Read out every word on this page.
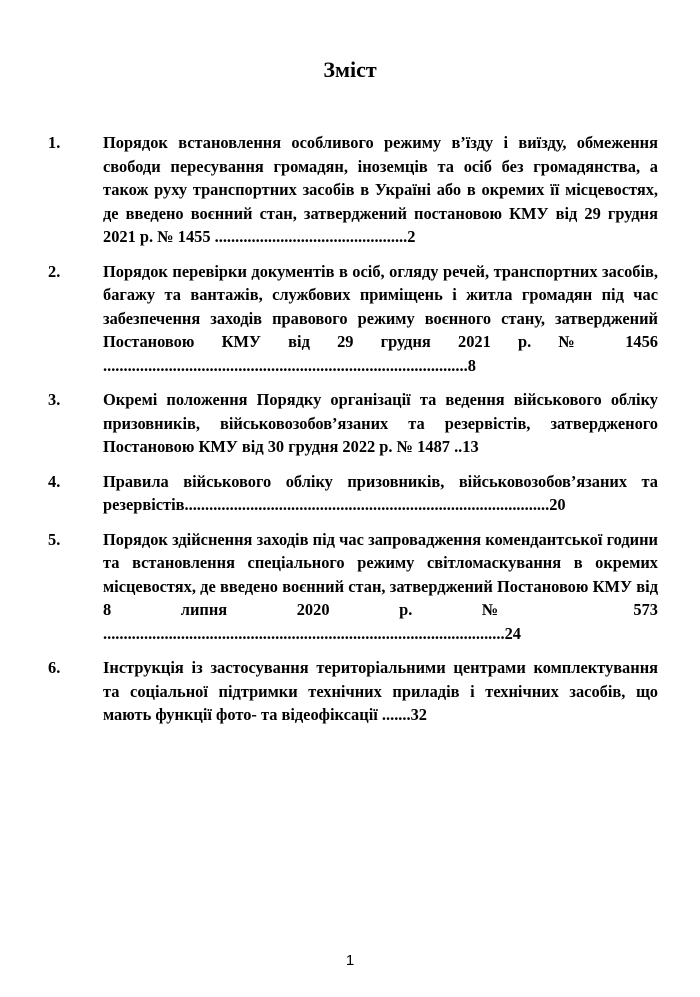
Зміст
1.	Порядок встановлення особливого режиму в’їзду і виїзду, обмеження свободи пересування громадян, іноземців та осіб без громадянства, а також руху транспортних засобів в Україні або в окремих її місцевостях, де введено воєнний стан, затверджений постановою КМУ від 29 грудня 2021 р. № 1455 ...............................................2
2.	Порядок перевірки документів в осіб, огляду речей, транспортних засобів, багажу та вантажів, службових приміщень і житла громадян під час забезпечення заходів правового режиму воєнного стану, затверджений Постановою КМУ від 29 грудня 2021 р. № 1456 .........................................................................................8
3.	Окремі положення Порядку організації та ведення військового обліку призовників, військовозобов’язаних та резервістів, затвердженого Постановою КМУ від 30 грудня 2022 р. № 1487 ..13
4.	Правила військового обліку призовників, військовозобов’язаних та резервістів.........................................................................................20
5.	Порядок здійснення заходів під час запровадження комендантської години та встановлення спеціального режиму світломаскування в окремих місцевостях, де введено воєнний стан, затверджений Постановою КМУ від 8 липня 2020 р. № 573 ..................................................................................................24
6.	Інструкція із застосування територіальними центрами комплектування та соціальної підтримки технічних приладів і технічних засобів, що мають функції фото- та відеофіксації .......32
1
